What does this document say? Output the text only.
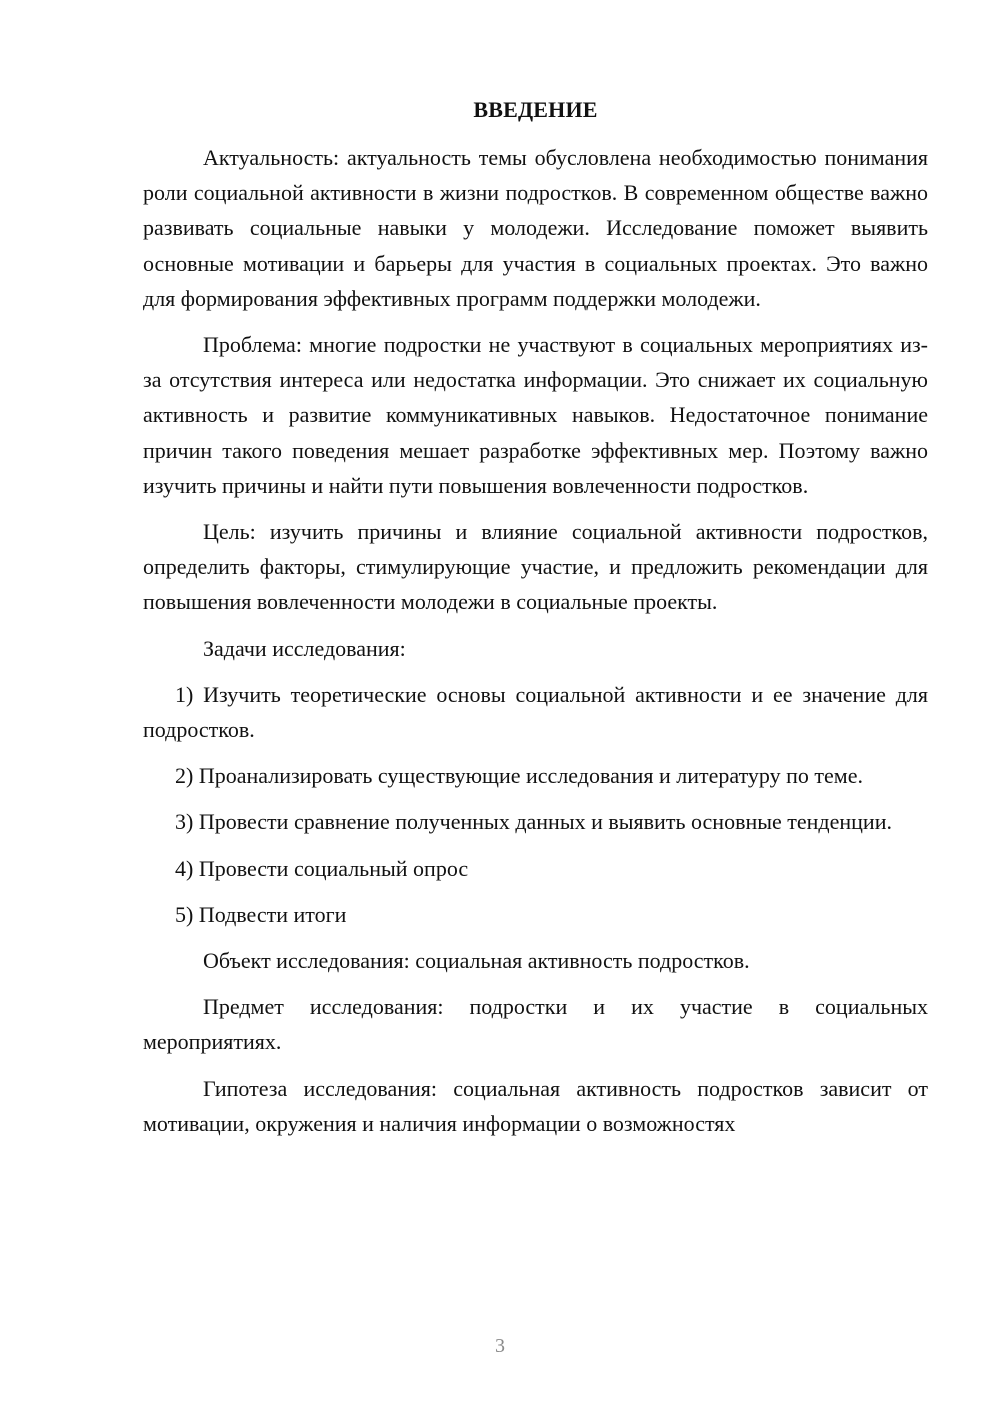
ВВЕДЕНИЕ

Актуальность: актуальность темы обусловлена необходимостью понимания роли социальной активности в жизни подростков. В современном обществе важно развивать социальные навыки у молодежи. Исследование поможет выявить основные мотивации и барьеры для участия в социальных проектах. Это важно для формирования эффективных программ поддержки молодежи.

Проблема: многие подростки не участвуют в социальных мероприятиях из-за отсутствия интереса или недостатка информации. Это снижает их социальную активность и развитие коммуникативных навыков. Недостаточное понимание причин такого поведения мешает разработке эффективных мер. Поэтому важно изучить причины и найти пути повышения вовлеченности подростков.

Цель: изучить причины и влияние социальной активности подростков, определить факторы, стимулирующие участие, и предложить рекомендации для повышения вовлеченности молодежи в социальные проекты.

Задачи исследования:

1) Изучить теоретические основы социальной активности и ее значение для подростков.

2) Проанализировать существующие исследования и литературу по теме.

3) Провести сравнение полученных данных и выявить основные тенденции.

4) Провести социальный опрос

5) Подвести итоги

Объект исследования: социальная активность подростков.

Предмет исследования: подростки и их участие в социальных мероприятиях.

Гипотеза исследования: социальная активность подростков зависит от мотивации, окружения и наличия информации о возможностях

3
